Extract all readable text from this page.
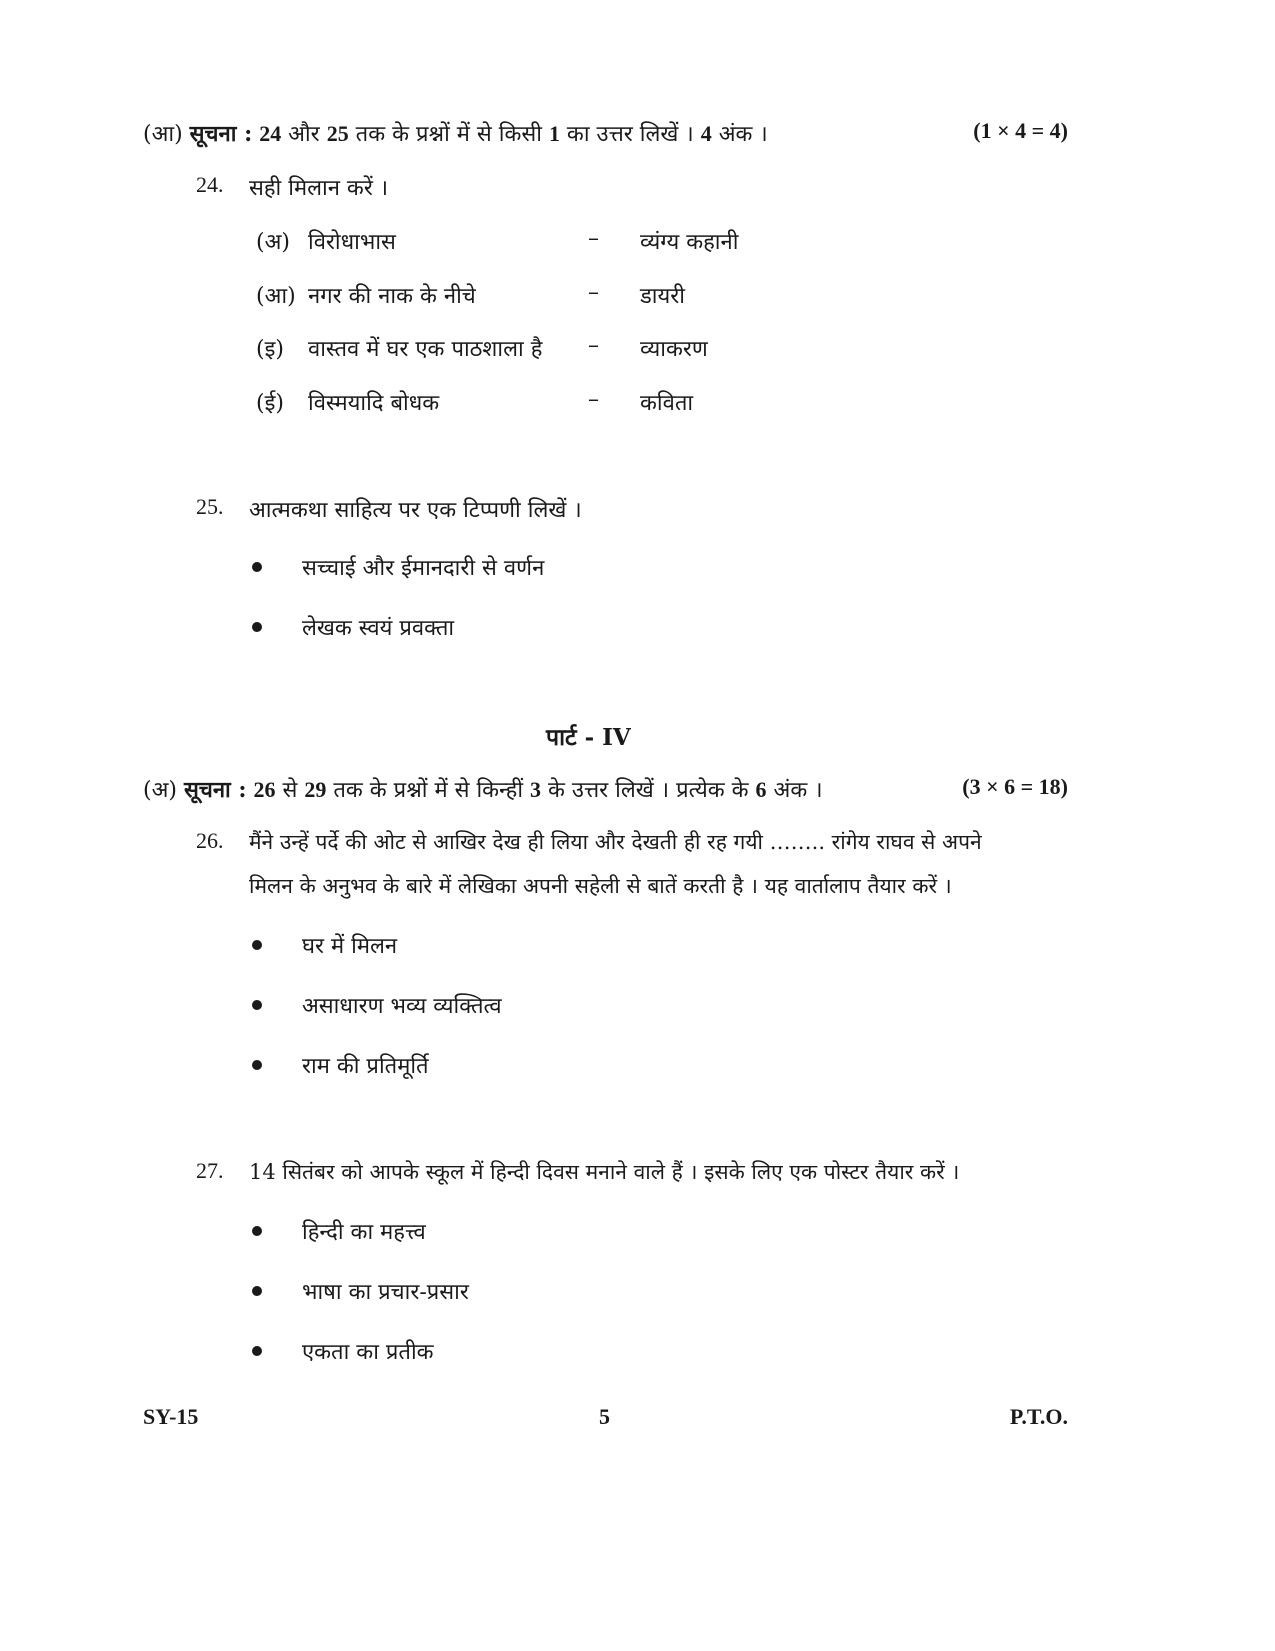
(आ) सूचना : 24 और 25 तक के प्रश्नों में से किसी 1 का उत्तर लिखें । 4 अंक ।	(1 × 4 = 4)
24. सही मिलान करें ।
(अ) विरोधाभास	– व्यंग्य कहानी
(आ) नगर की नाक के नीचे	– डायरी
(इ) वास्तव में घर एक पाठशाला है – व्याकरण
(ई) विस्मयादि बोधक	– कविता
25. आत्मकथा साहित्य पर एक टिप्पणी लिखें ।
सच्चाई और ईमानदारी से वर्णन
लेखक स्वयं प्रवक्ता
पार्ट - IV
(अ) सूचना : 26 से 29 तक के प्रश्नों में से किन्हीं 3 के उत्तर लिखें । प्रत्येक के 6 अंक ।	(3 × 6 = 18)
26. मैंने उन्हें पर्दे की ओट से आखिर देख ही लिया और देखती ही रह गयी …….. रांगेय राघव से अपने
मिलन के अनुभव के बारे में लेखिका अपनी सहेली से बातें करती है । यह वार्तालाप तैयार करें ।
घर में मिलन
असाधारण भव्य व्यक्तित्व
राम की प्रतिमूर्ति
27. 14 सितंबर को आपके स्कूल में हिन्दी दिवस मनाने वाले हैं । इसके लिए एक पोस्टर तैयार करें ।
हिन्दी का महत्त्व
भाषा का प्रचार-प्रसार
एकता का प्रतीक
SY-15	5	P.T.O.
